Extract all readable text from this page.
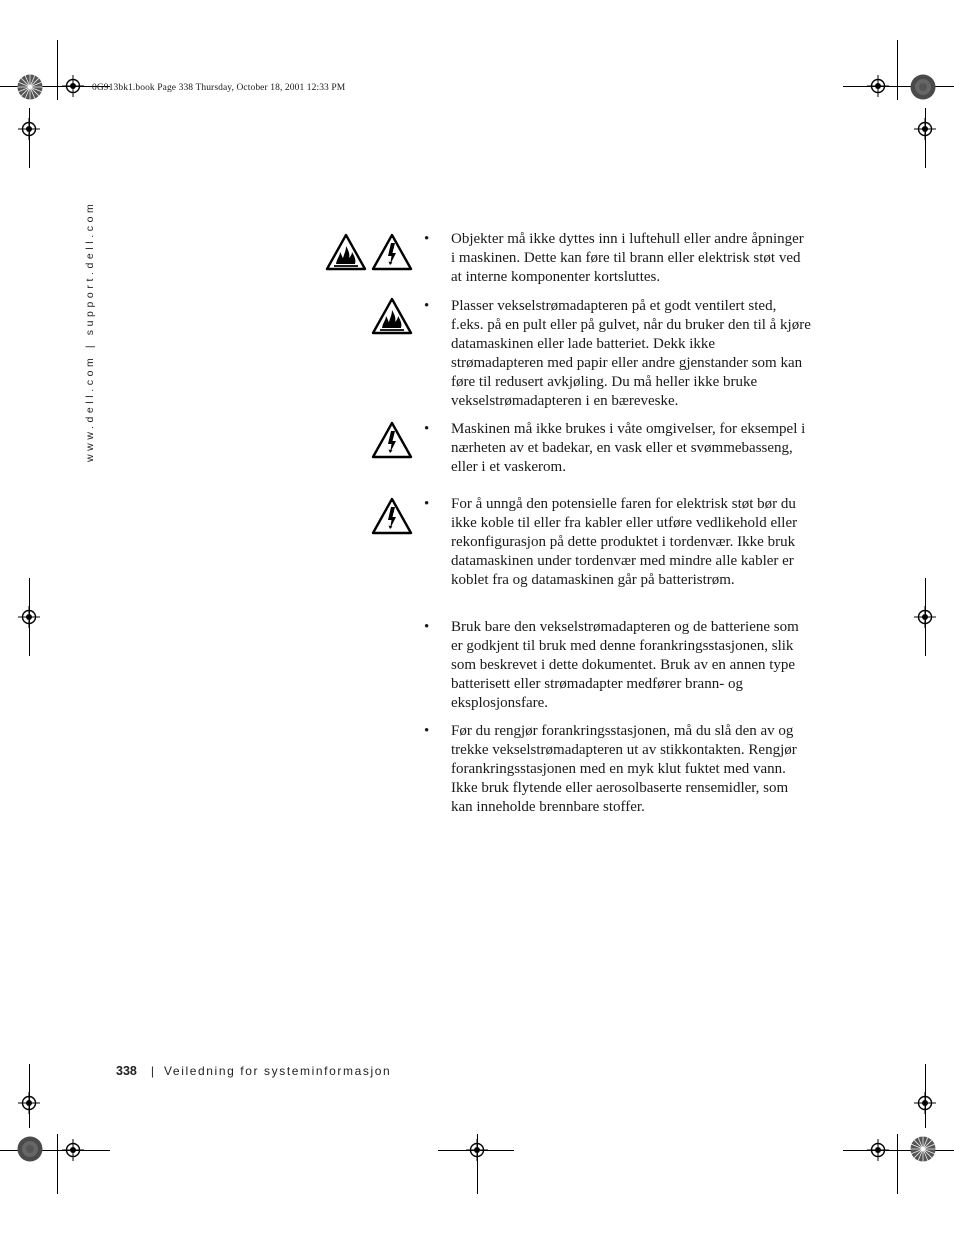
0G913bk1.book Page 338 Thursday, October 18, 2001 12:33 PM
www.dell.com | support.dell.com	• Objekter må ikke dyttes inn i luftehull eller andre åpninger i maskinen. Dette kan føre til brann eller elektrisk støt ved at interne komponenter kortsluttes.
• Plasser vekselstrømadapteren på et godt ventilert sted, f.eks. på en pult eller på gulvet, når du bruker den til å kjøre datamaskinen eller lade batteriet. Dekk ikke strømadapteren med papir eller andre gjenstander som kan føre til redusert avkjøling. Du må heller ikke bruke vekselstrømadapteren i en bæreveske.
• Maskinen må ikke brukes i våte omgivelser, for eksempel i nærheten av et badekar, en vask eller et svømmebasseng, eller i et vaskerom.
• For å unngå den potensielle faren for elektrisk støt bør du ikke koble til eller fra kabler eller utføre vedlikehold eller rekonfigurasjon på dette produktet i tordenvær. Ikke bruk datamaskinen under tordenvær med mindre alle kabler er koblet fra og datamaskinen går på batteristrøm.
• Bruk bare den vekselstrømadapteren og de batteriene som er godkjent til bruk med denne forankringsstasjonen, slik som beskrevet i dette dokumentet. Bruk av en annen type batterisett eller strømadapter medfører brann- og eksplosjonsfare.
• Før du rengjør forankringsstasjonen, må du slå den av og trekke vekselstrømadapteren ut av stikkontakten. Rengjør forankringsstasjonen med en myk klut fuktet med vann. Ikke bruk flytende eller aerosolbaserte rensemidler, som kan inneholde brennbare stoffer.
338 | Veiledning for systeminformasjon
